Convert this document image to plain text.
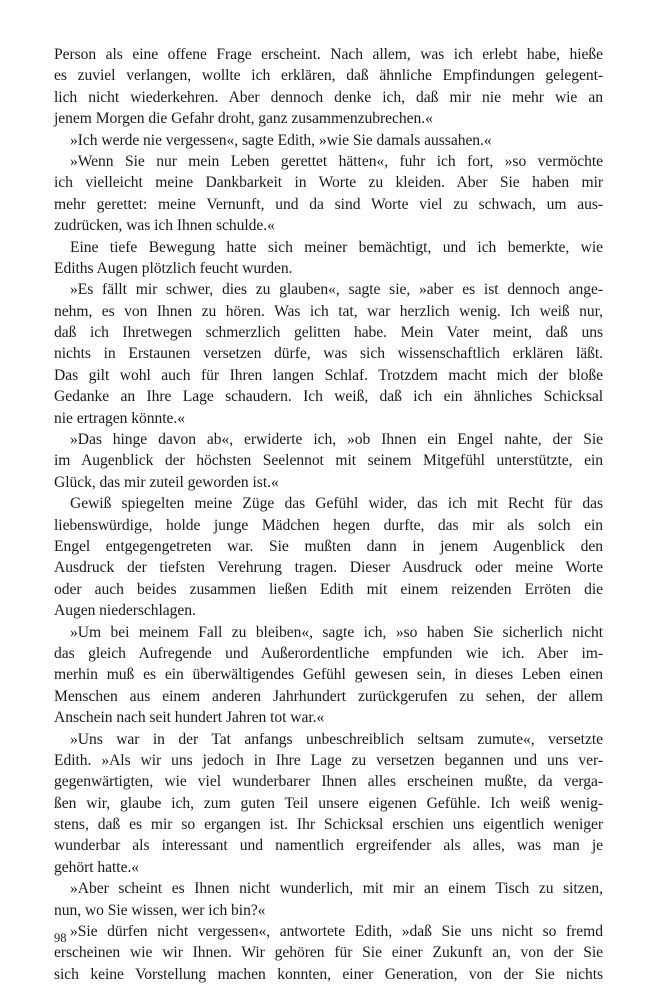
Person als eine offene Frage erscheint. Nach allem, was ich erlebt habe, hieße
es zuviel verlangen, wollte ich erklären, daß ähnliche Empfindungen gelegent-
lich nicht wiederkehren. Aber dennoch denke ich, daß mir nie mehr wie an
jenem Morgen die Gefahr droht, ganz zusammenzubrechen.«
»Ich werde nie vergessen«, sagte Edith, »wie Sie damals aussahen.«
»Wenn Sie nur mein Leben gerettet hätten«, fuhr ich fort, »so vermöchte
ich vielleicht meine Dankbarkeit in Worte zu kleiden. Aber Sie haben mir
mehr gerettet: meine Vernunft, und da sind Worte viel zu schwach, um aus-
zudrücken, was ich Ihnen schulde.«
Eine tiefe Bewegung hatte sich meiner bemächtigt, und ich bemerkte, wie
Ediths Augen plötzlich feucht wurden.
»Es fällt mir schwer, dies zu glauben«, sagte sie, »aber es ist dennoch ange-
nehm, es von Ihnen zu hören. Was ich tat, war herzlich wenig. Ich weiß nur,
daß ich Ihretwegen schmerzlich gelitten habe. Mein Vater meint, daß uns
nichts in Erstaunen versetzen dürfe, was sich wissenschaftlich erklären läßt.
Das gilt wohl auch für Ihren langen Schlaf. Trotzdem macht mich der bloße
Gedanke an Ihre Lage schaudern. Ich weiß, daß ich ein ähnliches Schicksal
nie ertragen könnte.«
»Das hinge davon ab«, erwiderte ich, »ob Ihnen ein Engel nahte, der Sie
im Augenblick der höchsten Seelennot mit seinem Mitgefühl unterstützte, ein
Glück, das mir zuteil geworden ist.«
Gewiß spiegelten meine Züge das Gefühl wider, das ich mit Recht für das
liebenswürdige, holde junge Mädchen hegen durfte, das mir als solch ein
Engel entgegengetreten war. Sie mußten dann in jenem Augenblick den
Ausdruck der tiefsten Verehrung tragen. Dieser Ausdruck oder meine Worte
oder auch beides zusammen ließen Edith mit einem reizenden Erröten die
Augen niederschlagen.
»Um bei meinem Fall zu bleiben«, sagte ich, »so haben Sie sicherlich nicht
das gleich Aufregende und Außerordentliche empfunden wie ich. Aber im-
merhin muß es ein überwältigendes Gefühl gewesen sein, in dieses Leben einen
Menschen aus einem anderen Jahrhundert zurückgerufen zu sehen, der allem
Anschein nach seit hundert Jahren tot war.«
»Uns war in der Tat anfangs unbeschreiblich seltsam zumute«, versetzte
Edith. »Als wir uns jedoch in Ihre Lage zu versetzen begannen und uns ver-
gegenwärtigten, wie viel wunderbarer Ihnen alles erscheinen mußte, da verga-
ßen wir, glaube ich, zum guten Teil unsere eigenen Gefühle. Ich weiß wenig-
stens, daß es mir so ergangen ist. Ihr Schicksal erschien uns eigentlich weniger
wunderbar als interessant und namentlich ergreifender als alles, was man je
gehört hatte.«
»Aber scheint es Ihnen nicht wunderlich, mit mir an einem Tisch zu sitzen,
nun, wo Sie wissen, wer ich bin?«
»Sie dürfen nicht vergessen«, antwortete Edith, »daß Sie uns nicht so fremd
erscheinen wie wir Ihnen. Wir gehören für Sie einer Zukunft an, von der Sie
sich keine Vorstellung machen konnten, einer Generation, von der Sie nichts
98
